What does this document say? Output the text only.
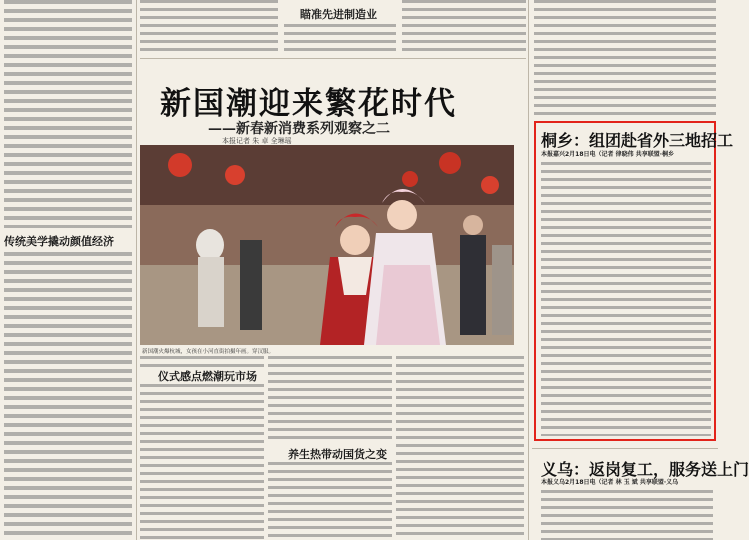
传统美学撬动颜值经济
瞄准先进制造业
新国潮迎来繁花时代
——新春新消费系列观察之二
本报记者 朱 卓 全琳瑶
新国潮火爆杭城，女孩在小河直街拍摄年画。穿汉服。
仪式感点燃潮玩市场
养生热带动国货之变
桐乡：组团赴省外三地招工
本报嘉兴2月18日电（记者 律晓伟 共享联盟·桐乡
义乌：返岗复工，服务送上门
本报义乌2月18日电（记者 林 玉 斌 共享联盟·义乌
